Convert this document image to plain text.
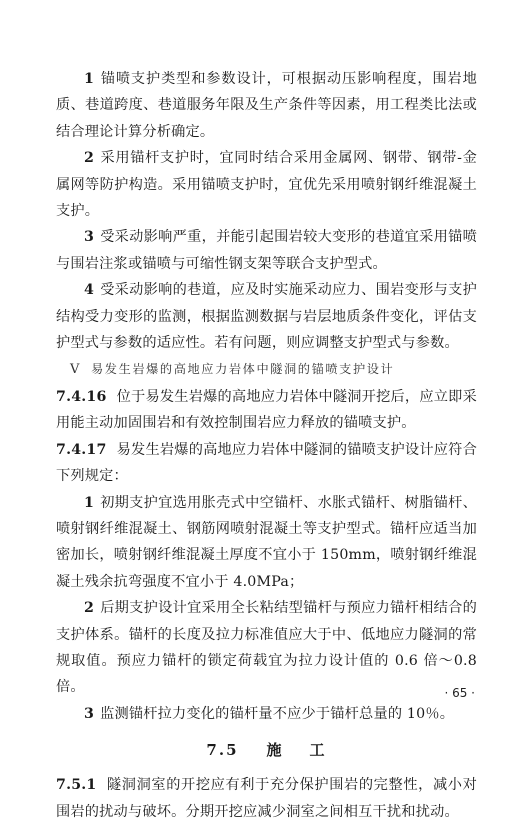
1 锚喷支护类型和参数设计，可根据动压影响程度，围岩地质、巷道跨度、巷道服务年限及生产条件等因素，用工程类比法或结合理论计算分析确定。

2 采用锚杆支护时，宜同时结合采用金属网、钢带、钢带-金属网等防护构造。采用锚喷支护时，宜优先采用喷射钢纤维混凝土支护。

3 受采动影响严重，并能引起围岩较大变形的巷道宜采用锚喷与围岩注浆或锚喷与可缩性钢支架等联合支护型式。

4 受采动影响的巷道，应及时实施采动应力、围岩变形与支护结构受力变形的监测，根据监测数据与岩层地质条件变化，评估支护型式与参数的适应性。若有问题，则应调整支护型式与参数。

Ⅴ 易发生岩爆的高地应力岩体中隧洞的锚喷支护设计

7.4.16 位于易发生岩爆的高地应力岩体中隧洞开挖后，应立即采用能主动加固围岩和有效控制围岩应力释放的锚喷支护。

7.4.17 易发生岩爆的高地应力岩体中隧洞的锚喷支护设计应符合下列规定：

1 初期支护宜选用胀壳式中空锚杆、水胀式锚杆、树脂锚杆、喷射钢纤维混凝土、钢筋网喷射混凝土等支护型式。锚杆应适当加密加长，喷射钢纤维混凝土厚度不宜小于 150mm，喷射钢纤维混凝土残余抗弯强度不宜小于 4.0MPa；

2 后期支护设计宜采用全长粘结型锚杆与预应力锚杆相结合的支护体系。锚杆的长度及拉力标准值应大于中、低地应力隧洞的常规取值。预应力锚杆的锁定荷载宜为拉力设计值的 0.6 倍～0.8 倍。

3 监测锚杆拉力变化的锚杆量不应少于锚杆总量的 10％。

7.5 施 工

7.5.1 隧洞洞室的开挖应有利于充分保护围岩的完整性，减小对围岩的扰动与破坏。分期开挖应减少洞室之间相互干扰和扰动。

· 65 ·
